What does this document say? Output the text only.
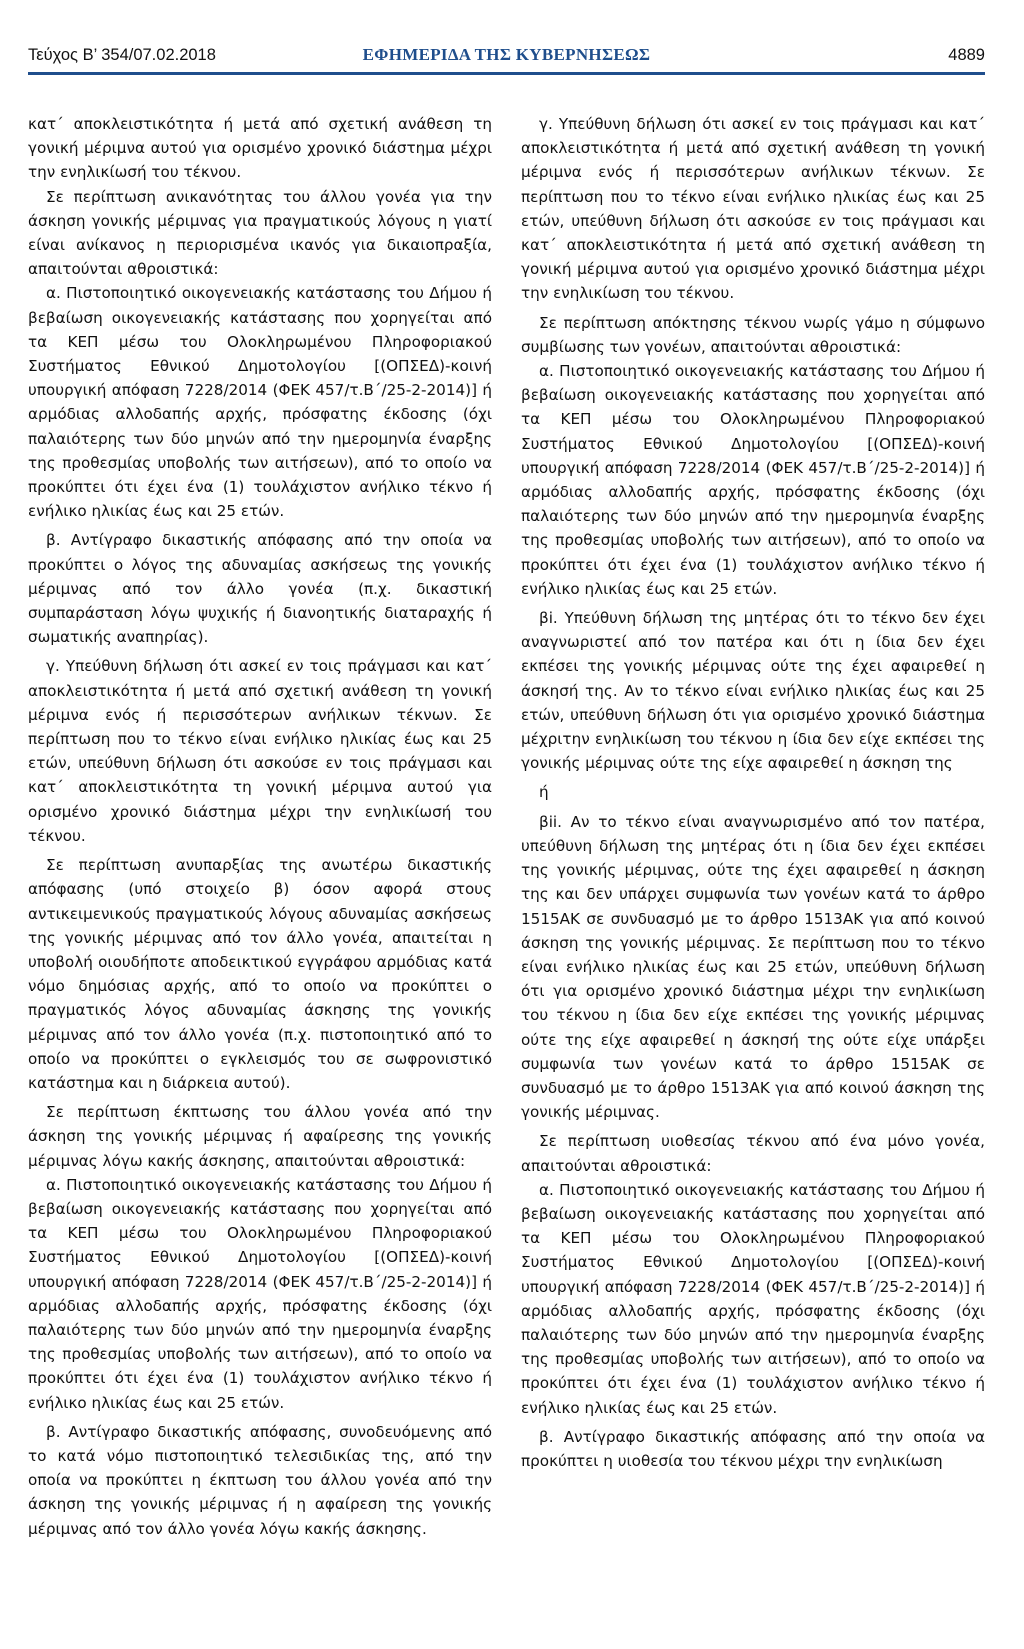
Τεύχος Β’ 354/07.02.2018	ΕΦΗΜΕΡΙΔΑ ΤΗΣ ΚΥΒΕΡΝΗΣΕΩΣ	4889

κατ΄ αποκλειστικότητα ή μετά από σχετική ανάθεση τη γονική μέριμνα αυτού για ορισμένο χρονικό διάστημα μέχρι την ενηλικίωσή του τέκνου.

Σε περίπτωση ανικανότητας του άλλου γονέα για την άσκηση γονικής μέριμνας για πραγματικούς λόγους η γιατί είναι ανίκανος η περιορισμένα ικανός για δικαιοπραξία, απαιτούνται αθροιστικά:

α. Πιστοποιητικό οικογενειακής κατάστασης του Δήμου ή βεβαίωση οικογενειακής κατάστασης που χορηγείται από τα ΚΕΠ μέσω του Ολοκληρωμένου Πληροφοριακού Συστήματος Εθνικού Δημοτολογίου [(ΟΠΣΕΔ)-κοινή υπουργική απόφαση 7228/2014 (ΦΕΚ 457/τ.Β΄/25-2-2014)] ή αρμόδιας αλλοδαπής αρχής, πρόσφατης έκδοσης (όχι παλαιότερης των δύο μηνών από την ημερομηνία έναρξης της προθεσμίας υποβολής των αιτήσεων), από το οποίο να προκύπτει ότι έχει ένα (1) τουλάχιστον ανήλικο τέκνο ή ενήλικο ηλικίας έως και 25 ετών.

β. Αντίγραφο δικαστικής απόφασης από την οποία να προκύπτει ο λόγος της αδυναμίας ασκήσεως της γονικής μέριμνας από τον άλλο γονέα (π.χ. δικαστική συμπαράσταση λόγω ψυχικής ή διανοητικής διαταραχής ή σωματικής αναπηρίας).

γ. Υπεύθυνη δήλωση ότι ασκεί εν τοις πράγμασι και κατ΄ αποκλειστικότητα ή μετά από σχετική ανάθεση τη γονική μέριμνα ενός ή περισσότερων ανήλικων τέκνων. Σε περίπτωση που το τέκνο είναι ενήλικο ηλικίας έως και 25 ετών, υπεύθυνη δήλωση ότι ασκούσε εν τοις πράγμασι και κατ΄ αποκλειστικότητα τη γονική μέριμνα αυτού για ορισμένο χρονικό διάστημα μέχρι την ενηλικίωσή του τέκνου.

Σε περίπτωση ανυπαρξίας της ανωτέρω δικαστικής απόφασης (υπό στοιχείο β) όσον αφορά στους αντικειμενικούς πραγματικούς λόγους αδυναμίας ασκήσεως της γονικής μέριμνας από τον άλλο γονέα, απαιτείται η υποβολή οιουδήποτε αποδεικτικού εγγράφου αρμόδιας κατά νόμο δημόσιας αρχής, από το οποίο να προκύπτει ο πραγματικός λόγος αδυναμίας άσκησης της γονικής μέριμνας από τον άλλο γονέα (π.χ. πιστοποιητικό από το οποίο να προκύπτει ο εγκλεισμός του σε σωφρονιστικό κατάστημα και η διάρκεια αυτού).

Σε περίπτωση έκπτωσης του άλλου γονέα από την άσκηση της γονικής μέριμνας ή αφαίρεσης της γονικής μέριμνας λόγω κακής άσκησης, απαιτούνται αθροιστικά:

α. Πιστοποιητικό οικογενειακής κατάστασης του Δήμου ή βεβαίωση οικογενειακής κατάστασης που χορηγείται από τα ΚΕΠ μέσω του Ολοκληρωμένου Πληροφοριακού Συστήματος Εθνικού Δημοτολογίου [(ΟΠΣΕΔ)-κοινή υπουργική απόφαση 7228/2014 (ΦΕΚ 457/τ.Β΄/25-2-2014)] ή αρμόδιας αλλοδαπής αρχής, πρόσφατης έκδοσης (όχι παλαιότερης των δύο μηνών από την ημερομηνία έναρξης της προθεσμίας υποβολής των αιτήσεων), από το οποίο να προκύπτει ότι έχει ένα (1) τουλάχιστον ανήλικο τέκνο ή ενήλικο ηλικίας έως και 25 ετών.

β. Αντίγραφο δικαστικής απόφασης, συνοδευόμενης από το κατά νόμο πιστοποιητικό τελεσιδικίας της, από την οποία να προκύπτει η έκπτωση του άλλου γονέα από την άσκηση της γονικής μέριμνας ή η αφαίρεση της γονικής μέριμνας από τον άλλο γονέα λόγω κακής άσκησης.

γ. Υπεύθυνη δήλωση ότι ασκεί εν τοις πράγμασι και κατ΄ αποκλειστικότητα ή μετά από σχετική ανάθεση τη γονική μέριμνα ενός ή περισσότερων ανήλικων τέκνων. Σε περίπτωση που το τέκνο είναι ενήλικο ηλικίας έως και 25 ετών, υπεύθυνη δήλωση ότι ασκούσε εν τοις πράγμασι και κατ΄ αποκλειστικότητα ή μετά από σχετική ανάθεση τη γονική μέριμνα αυτού για ορισμένο χρονικό διάστημα μέχρι την ενηλικίωση του τέκνου.

Σε περίπτωση απόκτησης τέκνου νωρίς γάμο η σύμφωνο συμβίωσης των γονέων, απαιτούνται αθροιστικά:

α. Πιστοποιητικό οικογενειακής κατάστασης του Δήμου ή βεβαίωση οικογενειακής κατάστασης που χορηγείται από τα ΚΕΠ μέσω του Ολοκληρωμένου Πληροφοριακού Συστήματος Εθνικού Δημοτολογίου [(ΟΠΣΕΔ)-κοινή υπουργική απόφαση 7228/2014 (ΦΕΚ 457/τ.Β΄/25-2-2014)] ή αρμόδιας αλλοδαπής αρχής, πρόσφατης έκδοσης (όχι παλαιότερης των δύο μηνών από την ημερομηνία έναρξης της προθεσμίας υποβολής των αιτήσεων), από το οποίο να προκύπτει ότι έχει ένα (1) τουλάχιστον ανήλικο τέκνο ή ενήλικο ηλικίας έως και 25 ετών.

βi. Υπεύθυνη δήλωση της μητέρας ότι το τέκνο δεν έχει αναγνωριστεί από τον πατέρα και ότι η ίδια δεν έχει εκπέσει της γονικής μέριμνας ούτε της έχει αφαιρεθεί η άσκησή της. Αν το τέκνο είναι ενήλικο ηλικίας έως και 25 ετών, υπεύθυνη δήλωση ότι για ορισμένο χρονικό διάστημα μέχριτην ενηλικίωση του τέκνου η ίδια δεν είχε εκπέσει της γονικής μέριμνας ούτε της είχε αφαιρεθεί η άσκηση της

ή

βii. Αν το τέκνο είναι αναγνωρισμένο από τον πατέρα, υπεύθυνη δήλωση της μητέρας ότι η ίδια δεν έχει εκπέσει της γονικής μέριμνας, ούτε της έχει αφαιρεθεί η άσκηση της και δεν υπάρχει συμφωνία των γονέων κατά το άρθρο 1515ΑΚ σε συνδυασμό με το άρθρο 1513ΑΚ για από κοινού άσκηση της γονικής μέριμνας. Σε περίπτωση που το τέκνο είναι ενήλικο ηλικίας έως και 25 ετών, υπεύθυνη δήλωση ότι για ορισμένο χρονικό διάστημα μέχρι την ενηλικίωση του τέκνου η ίδια δεν είχε εκπέσει της γονικής μέριμνας ούτε της είχε αφαιρεθεί η άσκησή της ούτε είχε υπάρξει συμφωνία των γονέων κατά το άρθρο 1515ΑΚ σε συνδυασμό με το άρθρο 1513ΑΚ για από κοινού άσκηση της γονικής μέριμνας.

Σε περίπτωση υιοθεσίας τέκνου από ένα μόνο γονέα, απαιτούνται αθροιστικά:

α. Πιστοποιητικό οικογενειακής κατάστασης του Δήμου ή βεβαίωση οικογενειακής κατάστασης που χορηγείται από τα ΚΕΠ μέσω του Ολοκληρωμένου Πληροφοριακού Συστήματος Εθνικού Δημοτολογίου [(ΟΠΣΕΔ)-κοινή υπουργική απόφαση 7228/2014 (ΦΕΚ 457/τ.Β΄/25-2-2014)] ή αρμόδιας αλλοδαπής αρχής, πρόσφατης έκδοσης (όχι παλαιότερης των δύο μηνών από την ημερομηνία έναρξης της προθεσμίας υποβολής των αιτήσεων), από το οποίο να προκύπτει ότι έχει ένα (1) τουλάχιστον ανήλικο τέκνο ή ενήλικο ηλικίας έως και 25 ετών.

β. Αντίγραφο δικαστικής απόφασης από την οποία να προκύπτει η υιοθεσία του τέκνου μέχρι την ενηλικίωση
